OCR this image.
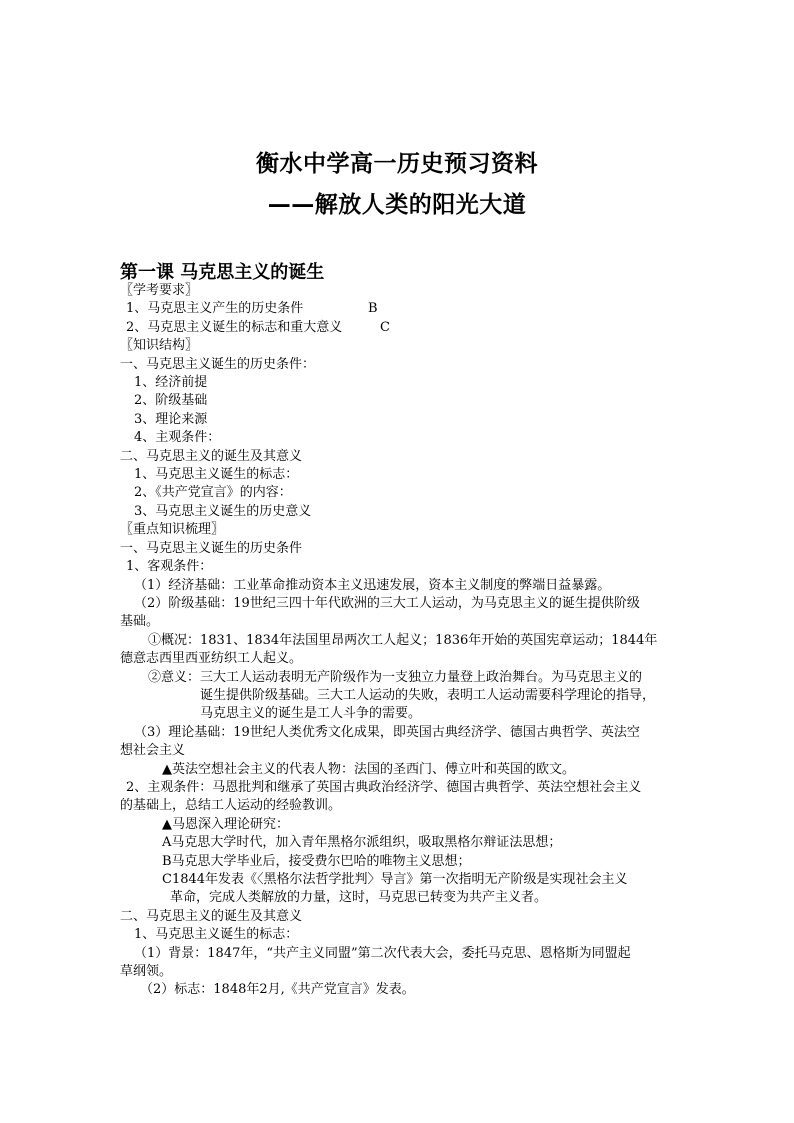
衡水中学高一历史预习资料
——解放人类的阳光大道
第一课 马克思主义的诞生
〖学考要求〗
1、马克思主义产生的历史条件	B
2、马克思主义诞生的标志和重大意义	C
〖知识结构〗
一、马克思主义诞生的历史条件：
1、经济前提
2、阶级基础
3、理论来源
4、主观条件：
二、马克思主义的诞生及其意义
1、马克思主义诞生的标志：
2、《共产党宣言》的内容：
3、马克思主义诞生的历史意义
〖重点知识梳理〗
一、马克思主义诞生的历史条件
1、客观条件：
（1）经济基础：工业革命推动资本主义迅速发展，资本主义制度的弊端日益暴露。
（2）阶级基础：19世纪三四十年代欧洲的三大工人运动，为马克思主义的诞生提供阶级
基础。
①概况：1831、1834年法国里昂两次工人起义；1836年开始的英国宪章运动；1844年
德意志西里西亚纺织工人起义。
②意义：三大工人运动表明无产阶级作为一支独立力量登上政治舞台。为马克思主义的
诞生提供阶级基础。三大工人运动的失败，表明工人运动需要科学理论的指导，
马克思主义的诞生是工人斗争的需要。
（3）理论基础：19世纪人类优秀文化成果，即英国古典经济学、德国古典哲学、英法空
想社会主义
▲英法空想社会主义的代表人物：法国的圣西门、傅立叶和英国的欧文。
2、主观条件：马恩批判和继承了英国古典政治经济学、德国古典哲学、英法空想社会主义
的基础上，总结工人运动的经验教训。
▲马恩深入理论研究：
A马克思大学时代，加入青年黑格尔派组织，吸取黑格尔辩证法思想；
B马克思大学毕业后，接受费尔巴哈的唯物主义思想；
C1844年发表《〈黑格尔法哲学批判〉导言》第一次指明无产阶级是实现社会主义
革命，完成人类解放的力量，这时，马克思已转变为共产主义者。
二、马克思主义的诞生及其意义
1、马克思主义诞生的标志：
（1）背景：1847年，“共产主义同盟”第二次代表大会，委托马克思、恩格斯为同盟起
草纲领。
（2）标志：1848年2月,《共产党宣言》发表。
